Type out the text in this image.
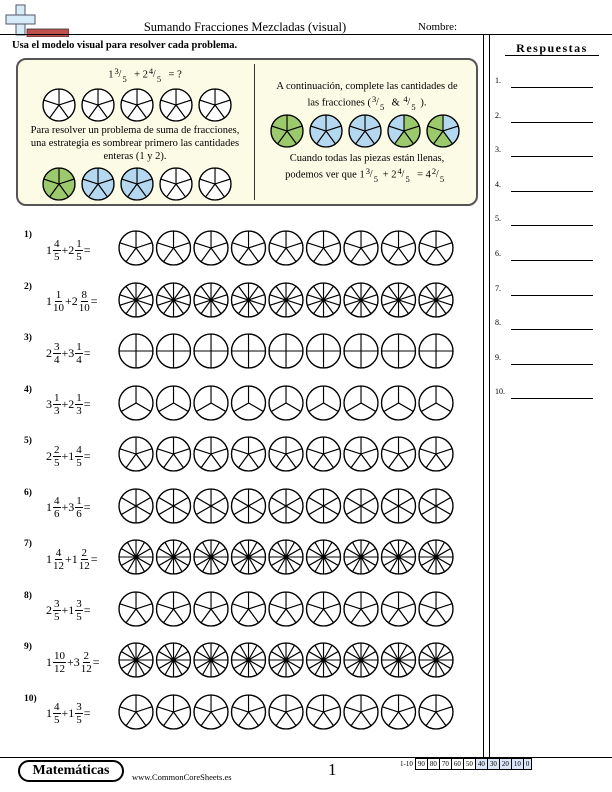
Sumando Fracciones Mezcladas (visual)	Nombre:
Usa el modelo visual para resolver cada problema.	Respuestas
1.
2.
3.
4.
5.
6.
7.
8.
9.
10.
1 3 / 5 + 2 4 / 5 = ?
Para resolver un problema de suma de fracciones, una estrategia es sombrear primero las cantidades enteras (1 y 2).
A continuación, complete las cantidades de
las fracciones ( 3 / 5 & 4 / 5 ).
Cuando todas las piezas están llenas,
podemos ver que 1 3 / 5 + 2 4 / 5 = 4 2 / 5
1)
$1 \frac{4}{5} + 2 \frac{1}{5}$ =
2)
$1 \frac{1}{10} + 2 \frac{8}{10}$ =
3)
$2 \frac{3}{4} + 3 \frac{1}{4}$ =
4)
$3 \frac{1}{3} + 2 \frac{1}{3}$ =
5)
$2 \frac{2}{5} + 1 \frac{4}{5}$ =
6)
$1 \frac{4}{6} + 3 \frac{1}{6}$ =
7)
$1 \frac{4}{12} + 1 \frac{2}{12}$ =
8)
$2 \frac{3}{5} + 1 \frac{3}{5}$ =
9)
$1 \frac{10}{12} + 3 \frac{2}{12}$ =
10)
$1 \frac{4}{5} + 1 \frac{3}{5}$ =
Matemáticas	www.CommonCoreSheets.es	1	1-10	90	80	70	60	50	40	30	20	10	0
